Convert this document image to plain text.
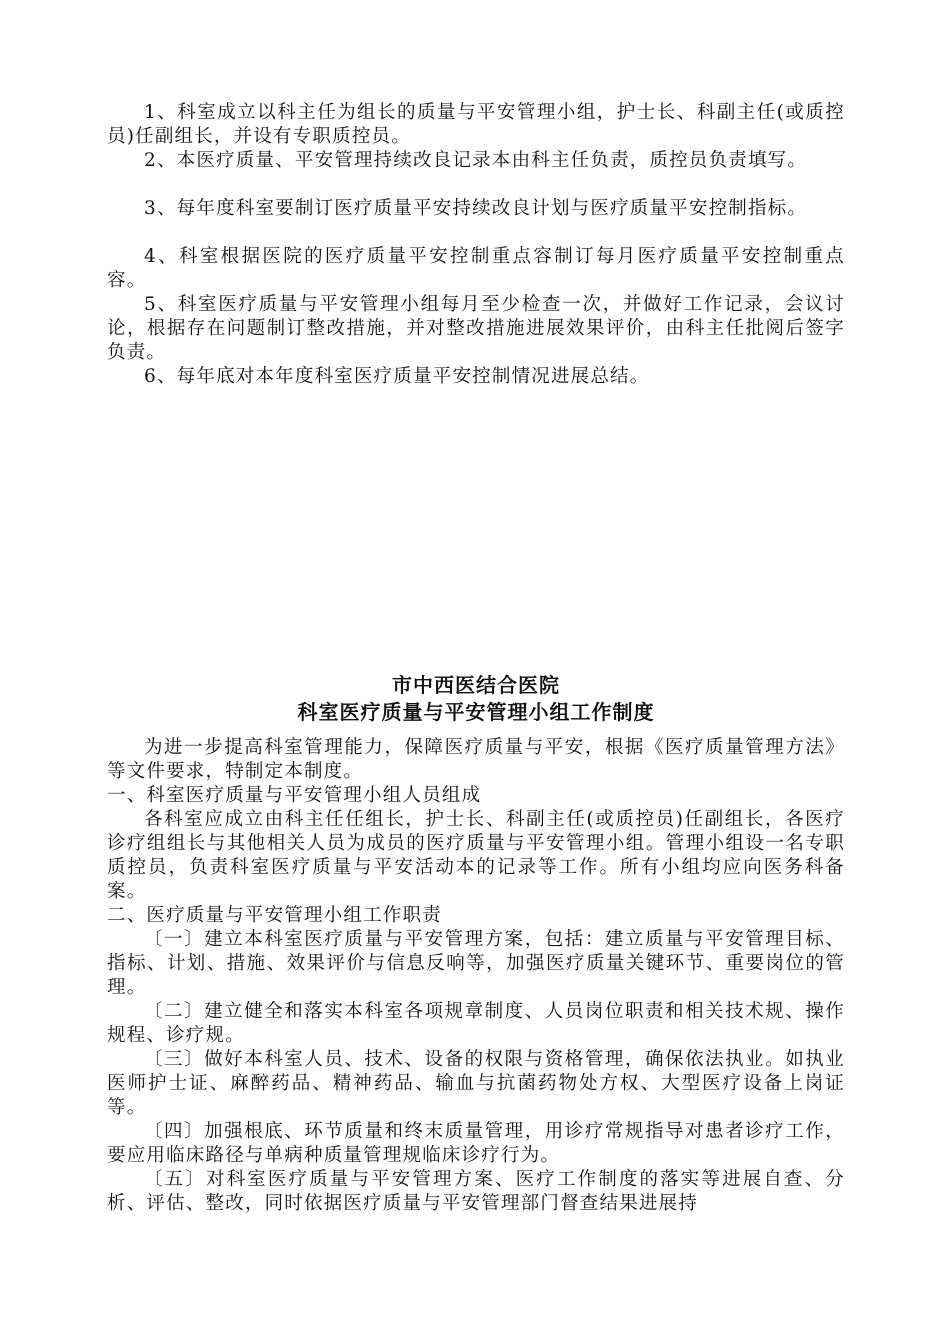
1、科室成立以科主任为组长的质量与平安管理小组，护士长、科副主任(或质控员)任副组长，并设有专职质控员。

2、本医疗质量、平安管理持续改良记录本由科主任负责，质控员负责填写。

3、每年度科室要制订医疗质量平安持续改良计划与医疗质量平安控制指标。

4、科室根据医院的医疗质量平安控制重点容制订每月医疗质量平安控制重点容。

5、科室医疗质量与平安管理小组每月至少检查一次，并做好工作记录，会议讨论，根据存在问题制订整改措施，并对整改措施进展效果评价，由科主任批阅后签字负责。

6、每年底对本年度科室医疗质量平安控制情况进展总结。

市中西医结合医院
科室医疗质量与平安管理小组工作制度

为进一步提高科室管理能力，保障医疗质量与平安，根据《医疗质量管理方法》等文件要求，特制定本制度。

一、科室医疗质量与平安管理小组人员组成

各科室应成立由科主任任组长，护士长、科副主任(或质控员)任副组长，各医疗诊疗组组长与其他相关人员为成员的医疗质量与平安管理小组。管理小组设一名专职质控员，负责科室医疗质量与平安活动本的记录等工作。所有小组均应向医务科备案。

二、医疗质量与平安管理小组工作职责

〔一〕建立本科室医疗质量与平安管理方案，包括：建立质量与平安管理目标、指标、计划、措施、效果评价与信息反响等，加强医疗质量关键环节、重要岗位的管理。

〔二〕建立健全和落实本科室各项规章制度、人员岗位职责和相关技术规、操作规程、诊疗规。

〔三〕做好本科室人员、技术、设备的权限与资格管理，确保依法执业。如执业医师护士证、麻醉药品、精神药品、输血与抗菌药物处方权、大型医疗设备上岗证等。

〔四〕加强根底、环节质量和终末质量管理，用诊疗常规指导对患者诊疗工作，要应用临床路径与单病种质量管理规临床诊疗行为。

〔五〕对科室医疗质量与平安管理方案、医疗工作制度的落实等进展自查、分析、评估、整改，同时依据医疗质量与平安管理部门督查结果进展持
